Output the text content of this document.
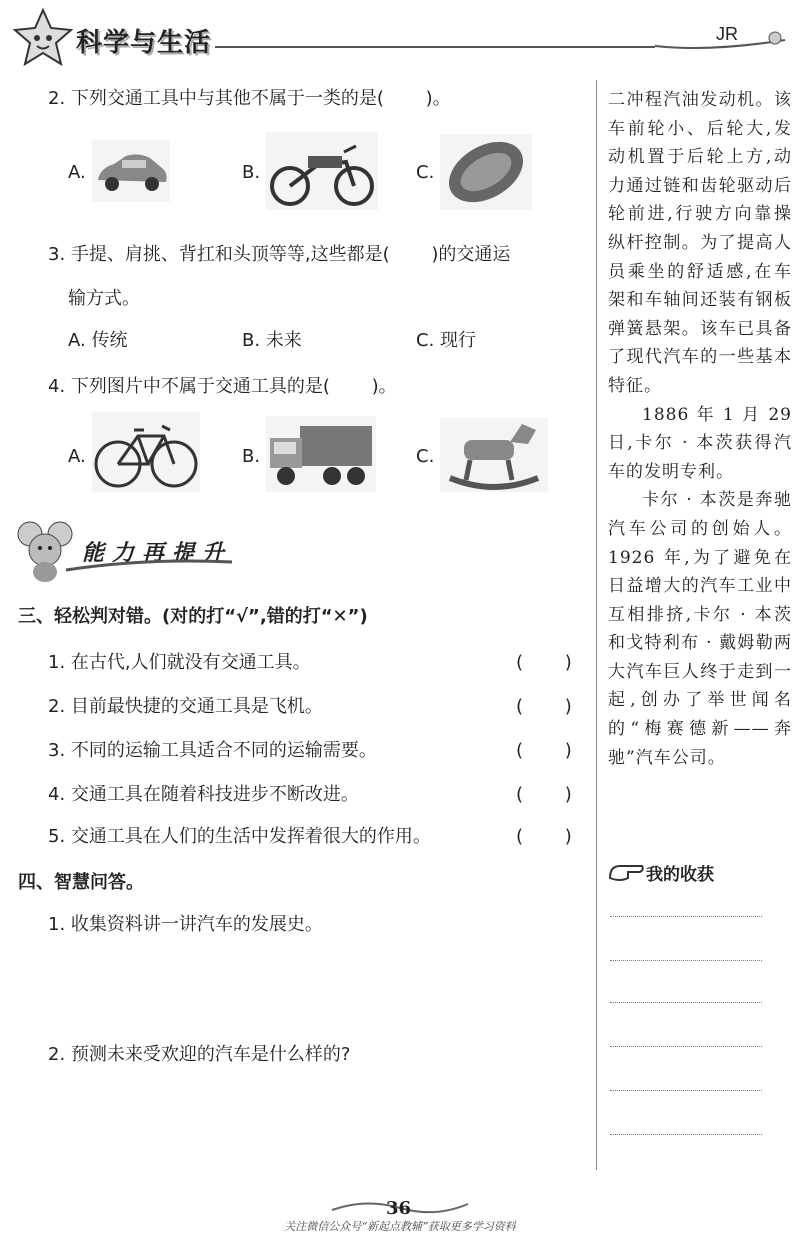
科学与生活	JR
2. 下列交通工具中与其他不属于一类的是(　　 )。
A.	B.	C.
3. 手提、肩挑、背扛和头顶等等,这些都是(　　 )的交通运
输方式。
A. 传统	B. 未来	C. 现行
4. 下列图片中不属于交通工具的是(　　 )。
A.	B.	C.
能力再提升
三、轻松判对错。(对的打“√”,错的打“✕”)
1. 在古代,人们就没有交通工具。	(　　 )
2. 目前最快捷的交通工具是飞机。	(　　 )
3. 不同的运输工具适合不同的运输需要。	(　　 )
4. 交通工具在随着科技进步不断改进。	(　　 )
5. 交通工具在人们的生活中发挥着很大的作用。	(　　 )
四、智慧问答。
1. 收集资料讲一讲汽车的发展史。
2. 预测未来受欢迎的汽车是什么样的?

二冲程汽油发动机。该车前轮小、后轮大,发动机置于后轮上方,动力通过链和齿轮驱动后轮前进,行驶方向靠操纵杆控制。为了提高人员乘坐的舒适感,在车架和车轴间还装有钢板弹簧悬架。该车已具备了现代汽车的一些基本特征。

1886 年 1 月 29 日,卡尔 · 本茨获得汽车的发明专利。

卡尔 · 本茨是奔驰汽车公司的创始人。1926 年,为了避免在日益增大的汽车工业中互相排挤,卡尔 · 本茨和戈特利布 · 戴姆勒两大汽车巨人终于走到一起,创办了举世闻名的“梅赛德新——奔驰”汽车公司。

我的收获
36
关注微信公众号“新起点教辅”获取更多学习资料
